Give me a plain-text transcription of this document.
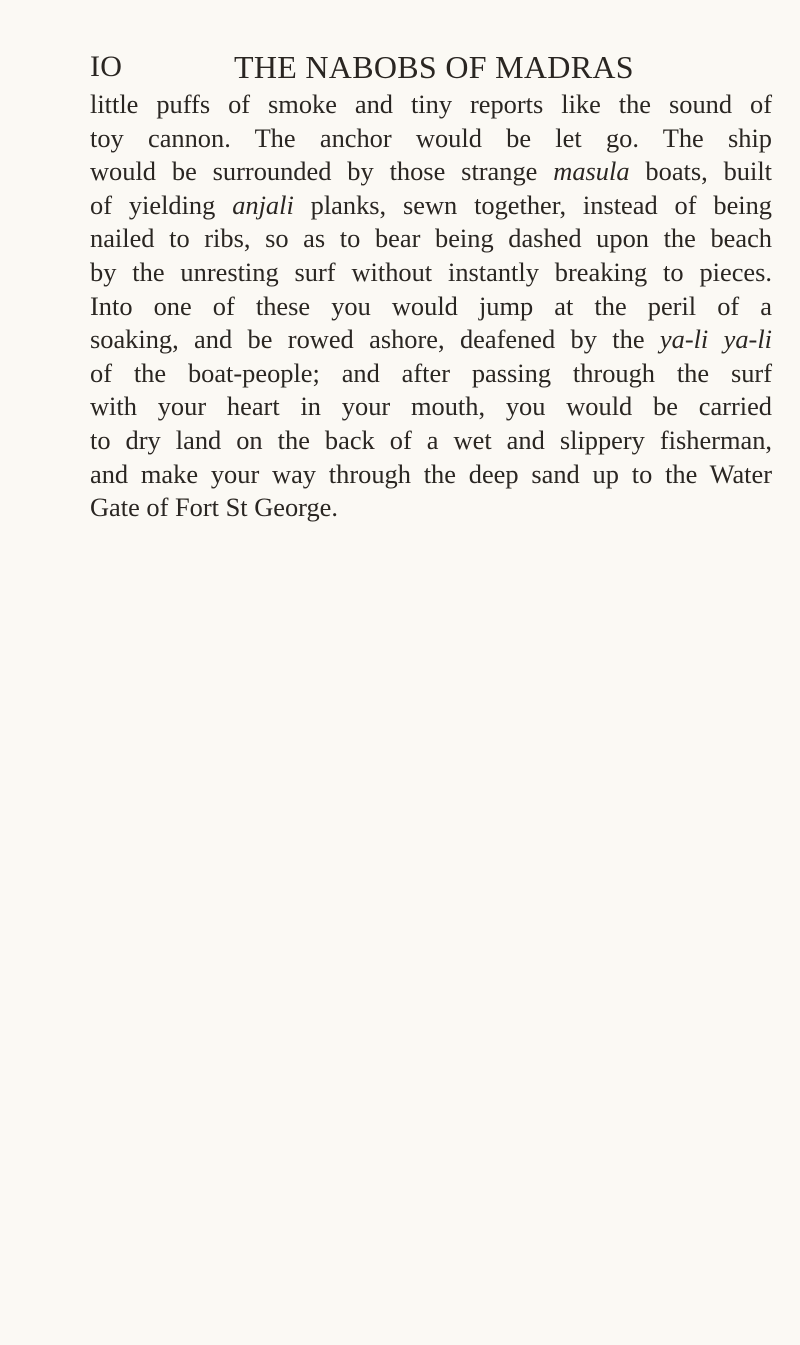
IO	THE NABOBS OF MADRAS
little puffs of smoke and tiny reports like the sound of
toy cannon. The anchor would be let go. The ship
would be surrounded by those strange masula boats, built
of yielding anjali planks, sewn together, instead of being
nailed to ribs, so as to bear being dashed upon the beach
by the unresting surf without instantly breaking to pieces.
Into one of these you would jump at the peril of a
soaking, and be rowed ashore, deafened by the ya-li ya-li
of the boat-people; and after passing through the surf
with your heart in your mouth, you would be carried
to dry land on the back of a wet and slippery fisherman,
and make your way through the deep sand up to the Water
Gate of Fort St George.
